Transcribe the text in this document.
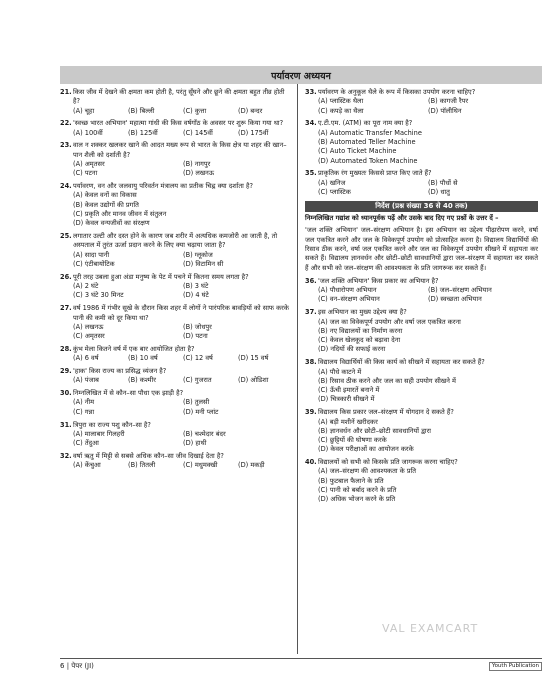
पर्यावरण अध्ययन
21. किस जीव में देखने की क्षमता कम होती है, परंतु सूँघने और छूने की क्षमता बहुत तीव्र होती है?
(A) चूहा	(B) बिल्ली	(C) कुत्ता	(D) बन्दर
22. 'स्वच्छ भारत अभियान' महात्मा गांधी की किस वर्षगाँठ के अवसर पर शुरू किया गया था?
(A) 100वीं	(B) 125वीं	(C) 145वीं	(D) 175वीं
23. वाल न शक्कर खलकर खाने की आदत मख्य रूप से भारत के किस क्षेत्र या शहर की खान–पान शैली को दर्शाती है?
(A) अमृतसर	(B) नागपुर
(C) पटना	(D) लखनऊ
24. पर्यावरण, वन और जलवायु परिवर्तन मंत्रालय का प्रतीक चिह्न क्या दर्शाता है?
(A) केवल वनों का विकास
(B) केवल उद्योगों की प्रगति
(C) प्रकृति और मानव जीवन में संतुलन
(D) केवल वन्यजीवों का संरक्षण
25. लगातार उल्टी और दस्त होने के कारण जब शरीर में अत्यधिक कमजोरी आ जाती है, तो अस्पताल में तुरंत ऊर्जा प्रदान करने के लिए क्या चढ़ाया जाता है?
(A) सादा पानी	(B) ग्लूकोज
(C) एंटीबायोटिक	(D) विटामिन सी
26. पूरी तरह उबला हुआ अंडा मनुष्य के पेट में पचने में कितना समय लगता है?
(A) 2 घंटे	(B) 3 घंटे
(C) 3 घंटे 30 मिनट	(D) 4 घंटे
27. वर्ष 1986 में गंभीर सूखे के दौरान किस शहर में लोगों ने पारंपरिक बावड़ियों को साफ करके पानी की कमी को दूर किया था?
(A) लखनऊ	(B) जोधपुर
(C) अमृतसर	(D) पटना
28. कुंभ मेला कितने वर्ष में एक बार आयोजित होता है?
(A) 6 वर्ष	(B) 10 वर्ष	(C) 12 वर्ष	(D) 15 वर्ष
29. 'हाक' किस राज्य का प्रसिद्ध व्यंजन है?
(A) पंजाब	(B) कश्मीर	(C) गुजरात	(D) ओडिशा
30. निम्नलिखित में से कौन–सा पौधा एक झाड़ी है?
(A) नीम	(B) तुलसी
(C) गन्ना	(D) मनी प्लांट
31. त्रिपुरा का राज्य पशु कौन–सा है?
(A) मालाबार गिलहरी	(B) चश्मेदार बंदर
(C) तेंदुआ	(D) हाथी
32. वर्षा ऋतु में मिट्टी से सबसे अधिक कौन–सा जीव दिखाई देता है?
(A) केंचुआ	(B) तितली	(C) मधुमक्खी	(D) मकड़ी
33. पर्यावरण के अनुकूल थैले के रूप में किसका उपयोग करना चाहिए?
(A) प्लास्टिक थैला	(B) कागजी रैपर
(C) कपड़े का थैला	(D) पॉलीथिन
34. ए.टी.एम. (ATM) का पूरा नाम क्या है?
(A) Automatic Transfer Machine
(B) Automated Teller Machine
(C) Auto Ticket Machine
(D) Automated Token Machine
35. प्राकृतिक रंग मुख्यतः किससे प्राप्त किए जाते हैं?
(A) खनिज	(B) पौधों से
(C) प्लास्टिक	(D) धातु
निर्देश (प्रश्न संख्या 36 से 40 तक)
निम्नलिखित गद्यांश को ध्यानपूर्वक पढ़ें और उसके बाद दिए गए प्रश्नों के उत्तर दें –
'जल शक्ति अभियान' जल–संरक्षण अभियान है। इस अभियान का उद्देश्य पीढ़ारोपण करने, वर्षा जल एकत्रित करने और जल के विवेकपूर्ण उपयोग को प्रोत्साहित करना है। विद्यालय विद्यार्थियों की रिसाव ठीक करने, वर्षा जल एकत्रित करने और जल का विवेकपूर्ण उपयोग सीखने में सहायता कर सकते हैं। विद्यालय ज्ञानवर्धन और छोटी–छोटी सावधानियों द्वारा जल–संरक्षण में सहायता कर सकते हैं और सभी को जल–संरक्षण की आवश्यकता के प्रति जागरूक कर सकते हैं।
36. 'जल शक्ति अभियान' किस प्रकार का अभियान है?
(A) पौधारोपण अभियान	(B) जल–संरक्षण अभियान
(C) वन–संरक्षण अभियान	(D) स्वच्छता अभियान
37. इस अभियान का मुख्य उद्देश्य क्या है?
(A) जल का विवेकपूर्ण उपयोग और वर्षा जल एकत्रित करना
(B) नए विद्यालयों का निर्माण करना
(C) केवल खेलकूद को बढ़ावा देना
(D) नदियों की सफाई करना
38. विद्यालय विद्यार्थियों की किस कार्य को सीखने में सहायता कर सकते हैं?
(A) पौधे काटने में
(B) रिसाव ठीक करने और जल का सही उपयोग सीखने में
(C) ऊँची इमारतें बनाने में
(D) चित्रकारी सीखने में
39. विद्यालय किस प्रकार जल–संरक्षण में योगदान दे सकते हैं?
(A) बड़ी मशीनें खरीदकर
(B) ज्ञानवर्धन और छोटी–छोटी सावधानियों द्वारा
(C) छुट्टियों की घोषणा करके
(D) केवल परीक्षाओं का आयोजन करके
40. विद्यालयों को सभी को किसके प्रति जागरूक करना चाहिए?
(A) जल–संरक्षण की आवश्यकता के प्रति
(B) फुटबाल फैलाने के प्रति
(C) पानी को बर्बाद करने के प्रति
(D) अधिक भोजन करने के प्रति
VAL EXAMCART
6 | पेपर (JI)	Youth Publication
